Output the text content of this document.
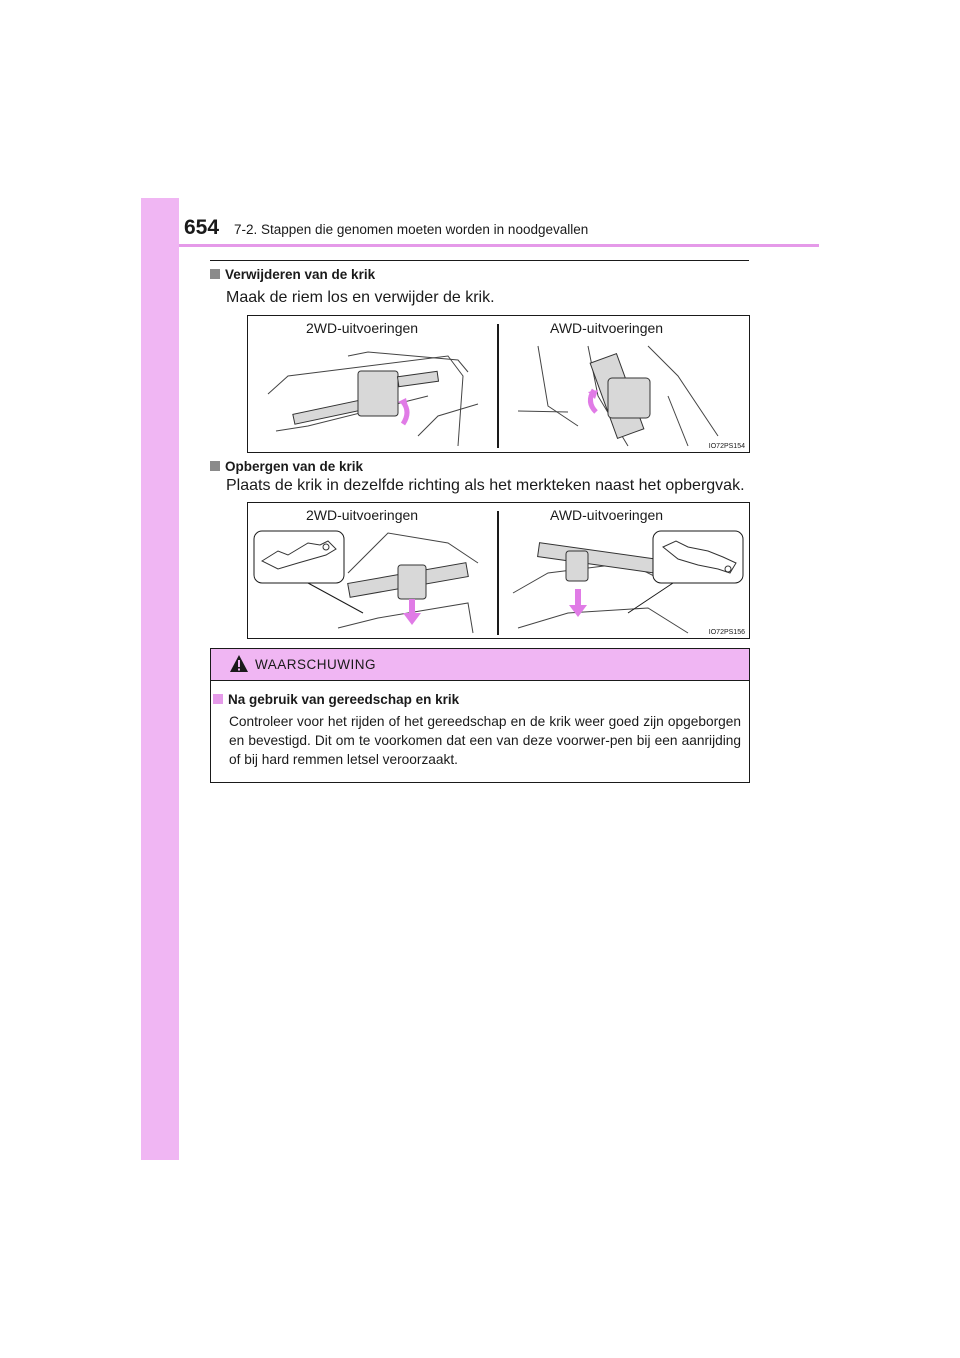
654 7-2. Stappen die genomen moeten worden in noodgevallen
Verwijderen van de krik
Maak de riem los en verwijder de krik.
2WD-uitvoeringen	AWD-uitvoeringen
IO72PS154
Opbergen van de krik
Plaats de krik in dezelfde richting als het merkteken naast het opbergvak.
2WD-uitvoeringen	AWD-uitvoeringen
IO72PS156
WAARSCHUWING
Na gebruik van gereedschap en krik
Controleer voor het rijden of het gereedschap en de krik weer goed zijn opgeborgen en bevestigd. Dit om te voorkomen dat een van deze voorwer-pen bij een aanrijding of bij hard remmen letsel veroorzaakt.
